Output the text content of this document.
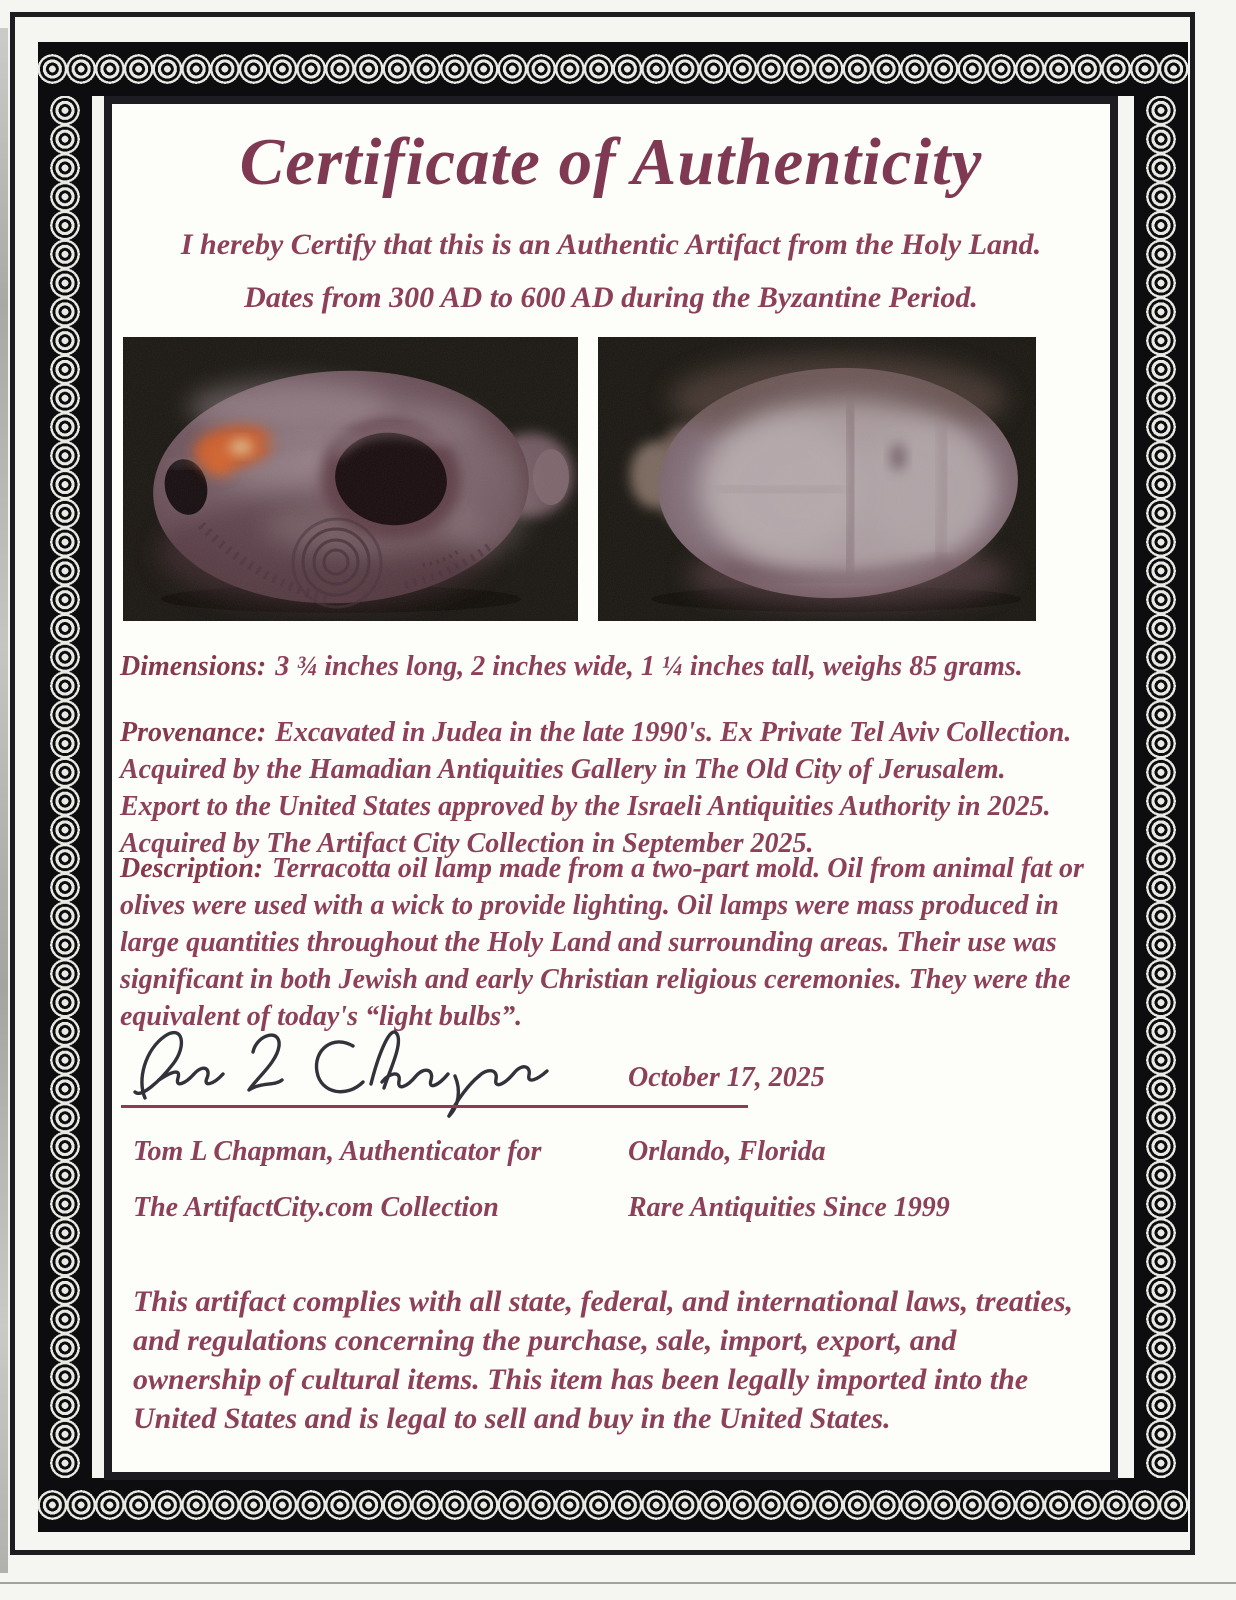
Certificate of Authenticity

I hereby Certify that this is an Authentic Artifact from the Holy Land.

Dates from 300 AD to 600 AD during the Byzantine Period.

Dimensions: 3 ¾ inches long, 2 inches wide, 1 ¼ inches tall, weighs 85 grams.

Provenance: Excavated in Judea in the late 1990's. Ex Private Tel Aviv Collection. Acquired by the Hamadian Antiquities Gallery in The Old City of Jerusalem. Export to the United States approved by the Israeli Antiquities Authority in 2025. Acquired by The Artifact City Collection in September 2025.

Description: Terracotta oil lamp made from a two-part mold. Oil from animal fat or olives were used with a wick to provide lighting. Oil lamps were mass produced in large quantities throughout the Holy Land and surrounding areas. Their use was significant in both Jewish and early Christian religious ceremonies. They were the equivalent of today's “light bulbs”.

Tom L Chapman, Authenticator for

The ArtifactCity.com Collection

October 17, 2025

Orlando, Florida

Rare Antiquities Since 1999

This artifact complies with all state, federal, and international laws, treaties, and regulations concerning the purchase, sale, import, export, and ownership of cultural items. This item has been legally imported into the United States and is legal to sell and buy in the United States.
